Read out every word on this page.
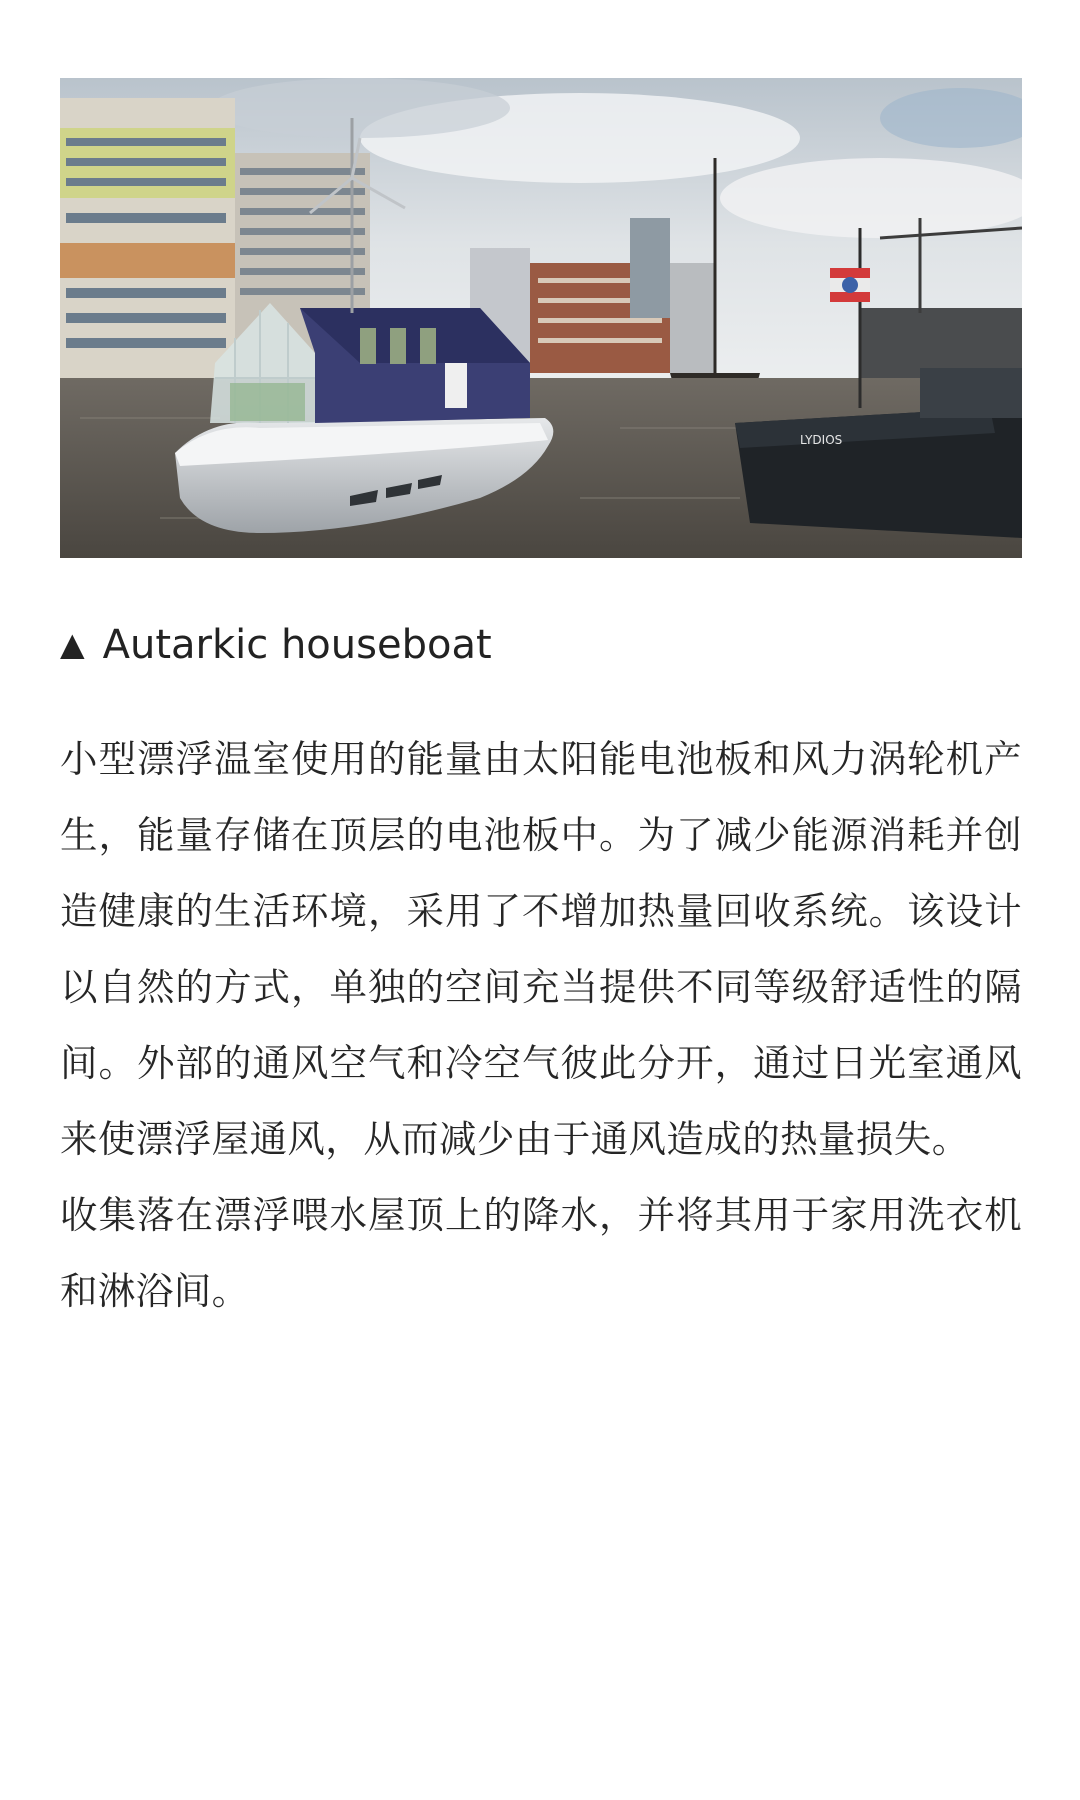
LYDIOS
▲ Autarkic houseboat

小型漂浮温室使用的能量由太阳能电池板和风力涡轮机产生，能量存储在顶层的电池板中。为了减少能源消耗并创造健康的生活环境，采用了不增加热量回收系统。该设计以自然的方式，单独的空间充当提供不同等级舒适性的隔间。外部的通风空气和冷空气彼此分开，通过日光室通风来使漂浮屋通风，从而减少由于通风造成的热量损失。

收集落在漂浮喂水屋顶上的降水，并将其用于家用洗衣机和淋浴间。
